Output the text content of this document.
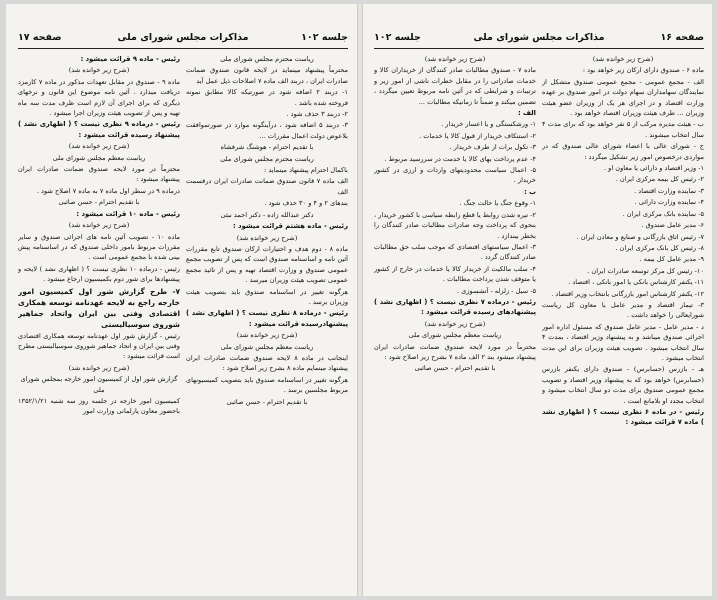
جلسه ۱۰۲
مذاکرات مجلس شورای ملی
صفحه ۱۷

ریاست محترم مجلس شورای ملی

محترماً پیشنهاد مینماید در لایحه قانون صندوق ضمانت صادرات ایران ، دربند الف ماده ۷ اصلاحات ذیل عمل آید

۱- دربند ۲ اضافه شود در صورتیکه کالا مطابق نمونه فروخته شده باشد .

۲- دربند ۳ حذف شود .

۳- دربند ۵ اضافه شود ، درآینگونه موارد در صورتموافقت بلاعوض دولت اعمال مقررات ...

با تقدیم احترام - هوشنگ شرفشاه

ریاست محترم مجلس شورای ملی

باکمال احترام پیشنهاد مینماید :

الف ماده ۷ قانون صندوق ضمانت صادرات ایران درقسمت الف

بندهای ۲ و ۴ و ۳۰ حذف شود .

دکتر عبدالله زاده - دکتر احمد نبئی

رئیس - ماده هشتم قرائت میشود :

(شرح زیر خوانده شد)

ماده ۸ - دوم هدف و اختیارات ارکان صندوق تابع مقررات آئین نامه و اساسنامه صندوق است که پس از تصویب مجمع عمومی صندوق و وزارت اقتصاد تهیه و پس از تائید مجمع عمومی تصویب هیئت وزیران میرسد .

هرگونه تغییر در اساسنامه صندوق باید بتصویب هیئت وزیران برسد .

رئیس - درماده ۸ نظری نیست ؟ ( اظهاری نشد ) پیشنهادرسیده قرائت میشود :

(شرح زیر خوانده شد)

ریاست معظم مجلس شورای ملی

اینجانب در ماده ۸ لایحه صندوق ضمانت صادرات ایران پیشنهاد مینمایم ماده ۸ بشرح زیر اصلاح شود :

هرگونه تغییر در اساسنامه صندوق باید بتصویب کمیسیونهای مربوط مجلسین برسد .

با تقدیم احترام - حسن صائبی

رئیس - ماده ۹ قرائت میشود :

(شرح زیر خوانده شد)

ماده ۹ - صندوق در مقابل تعهدات مذکور در ماده ۷ کارمزد دریافت میدارد . آئین نامه موضوع این قانون و نرخهای دیگری که برای اجرای آن لازم است ظرف مدت سه ماه تهیه و پس از تصویب هیئت وزیران اجرا میشود .

رئیس - درماده ۹ نظری نیست ؟ ( اظهاری نشد ) پیشنهاد رسیده قرائت میشود :

(شرح زیر خوانده شد)

ریاست معظم مجلس شورای ملی

محترماً در مورد لایحه صندوق ضمانت صادرات ایران پیشنهاد میشود :

درماده ۹ در سطر اول ماده ۷ به ماده ۷ اصلاح شود .

با تقدیم احترام - حسن صائبی

رئیس - ماده ۱۰ قرائت میشود :

(شرح زیر خوانده شد)

ماده ۱۰ - تصویب آئین نامه های اجرائی صندوق و سایر مقررات مربوط بامور داخلی صندوق که در اساسنامه پیش بینی شده با مجمع عمومی است .

رئیس - درماده ۱۰ نظری نیست ؟ ( اظهاری نشد ) لایحه و پیشنهادها برای شور دوم بکمیسیون ارجاع میشود .

۷- طرح گزارش شور اول کمیسیون امور خارجه راجع به لایحه عهدنامه توسعه همکاری اقتصادی وفنی بین ایران واتحاد جماهیر شوروی سوسیالیستی

رئیس - گزارش شور اول عهدنامه توسعه همکاری اقتصادی وفنی بین ایران و اتحاد جماهیر شوروی سوسیالیستی مطرح است قرائت میشود :

(شرح زیر خوانده شد)

گزارش شور اول از کمیسیون امور خارجه بمجلس شورای ملی

کمیسیون امور خارجه در جلسه روز سه شنبه ۱۳۵۲/۱/۲۱ باحضور معاون پارلمانی وزارت امور

صفحه ۱۶
مذاکرات مجلس شورای ملی
جلسه ۱۰۲

(شرح زیر خوانده شد)

ماده ۶ - صندوق دارای ارکان زیر خواهد بود :

الف - مجمع عمومی - مجمع عمومی صندوق متشکل از نمایندگان سهامداران سهام دولت در امور صندوق بر عهده وزارت اقتصاد و در اجرای هر یک از وزیران عضو هیئت وزیران ... طرف هیئت وزیران اقتصاد خواهد بود .

ب - هیئت مدیره مرکب از ۵ نفر خواهد بود که برای مدت ۴ سال انتخاب میشوند .

ج - شورای عالی با اعضاء شورای عالی صندوق که در مواردی درخصوص امور زیر تشکیل میگردد :

۱- وزیر اقتصاد و دارائی یا معاون او .

۲- رئیس کل بیمه مرکزی ایران .

۳- نماینده وزارت اقتصاد .

۴- نماینده وزارت دارائی .

۵- نماینده بانک مرکزی ایران .

۶- مدیر عامل صندوق .

۷- رئیس اتاق بازرگانی و صنایع و معادن ایران .

۸- رئیس کل بانک مرکزی ایران .

۹- مدیر عامل کل بیمه .

۱۰- رئیس کل مرکز توسعه صادرات ایران .

۱۱- یکنفر کارشناس بانکی یا امور بانکی ، اقتصاد .

۱۲- یکنفر کارشناس امور بازرگانی بانتخاب وزیر اقتصاد .

۳- تیمار اقتصاد و مدیر عامل یا معاون کل ریاست شورایعالی را خواهد داشت .

د - مدیر عامل - مدیر عامل صندوق که مسئول اداره امور اجرائی صندوق میباشد و به پیشنهاد وزیر اقتصاد ، بمدت ۴ سال انتخاب میشود . تصویب هیئت وزیران برای این مدت انتخاب میشود .

هـ - بازرس (حسابرس) - صندوق دارای یکنفر بازرس (حسابرس) خواهد بود که به پیشنهاد وزیر اقتصاد و تصویب مجمع عمومی صندوق برای مدت دو سال انتخاب میشود و انتخاب مجدد او بلامانع است .

رئیس - در ماده ۶ نظری نیست ؟ ( اظهاری نشد ) ماده ۷ قرائت میشود :

(شرح زیر خوانده شد)

ماده ۷ - صندوق مطالبات صادر کنندگان از خریداران کالا و خدمات صادراتی را در مقابل خطرات ناشی از امور زیر و ترتیبات و شرایطی که در آئین نامه مربوط تعیین میگردد ، تضمین میکند و ضمناً تا زمانیکه مطالبات ...

الف :

۱- ورشکستگی و یا اعسار خریدار .

۲- استنکاف خریدار از قبول کالا یا خدمات .

۳- تکول برات از طرف خریدار .

۴- عدم پرداخت بهای کالا یا خدمت در سررسید مربوط .

۵- اعمال سیاست محدودیتهای واردات و ارزی در کشور خریدار .

ب :

۱- وقوع جنگ یا حالت جنگ .

۲- تیره شدن روابط یا قطع رابطه سیاسی با کشور خریدار ، بنحوی که پرداخت وجه صادرات مطالبات صادر کنندگان را بخطر بیندازد .

۳- اعمال سیاستهای اقتصادی که موجب سلب حق مطالبات صادر کنندگان گردد .

۴- سلب مالکیت از خریدار کالا یا خدمات در خارج از کشور یا متوقف شدن پرداخت مطالبات .

۵- سیل - زلزله - آتشسوزی .

رئیس - درماده ۷ نظری نیست ؟ ( اظهاری نشد ) پیشنهادهای رسیده قرائت میشود :

(شرح زیر خوانده شد)

ریاست معظم مجلس شورای ملی

محترماً در مورد لایحه صندوق ضمانت صادرات ایران پیشنهاد میشود بند ۲ الف ماده ۷ بشرح زیر اصلاح شود :

با تقدیم احترام - حسن صائبی
